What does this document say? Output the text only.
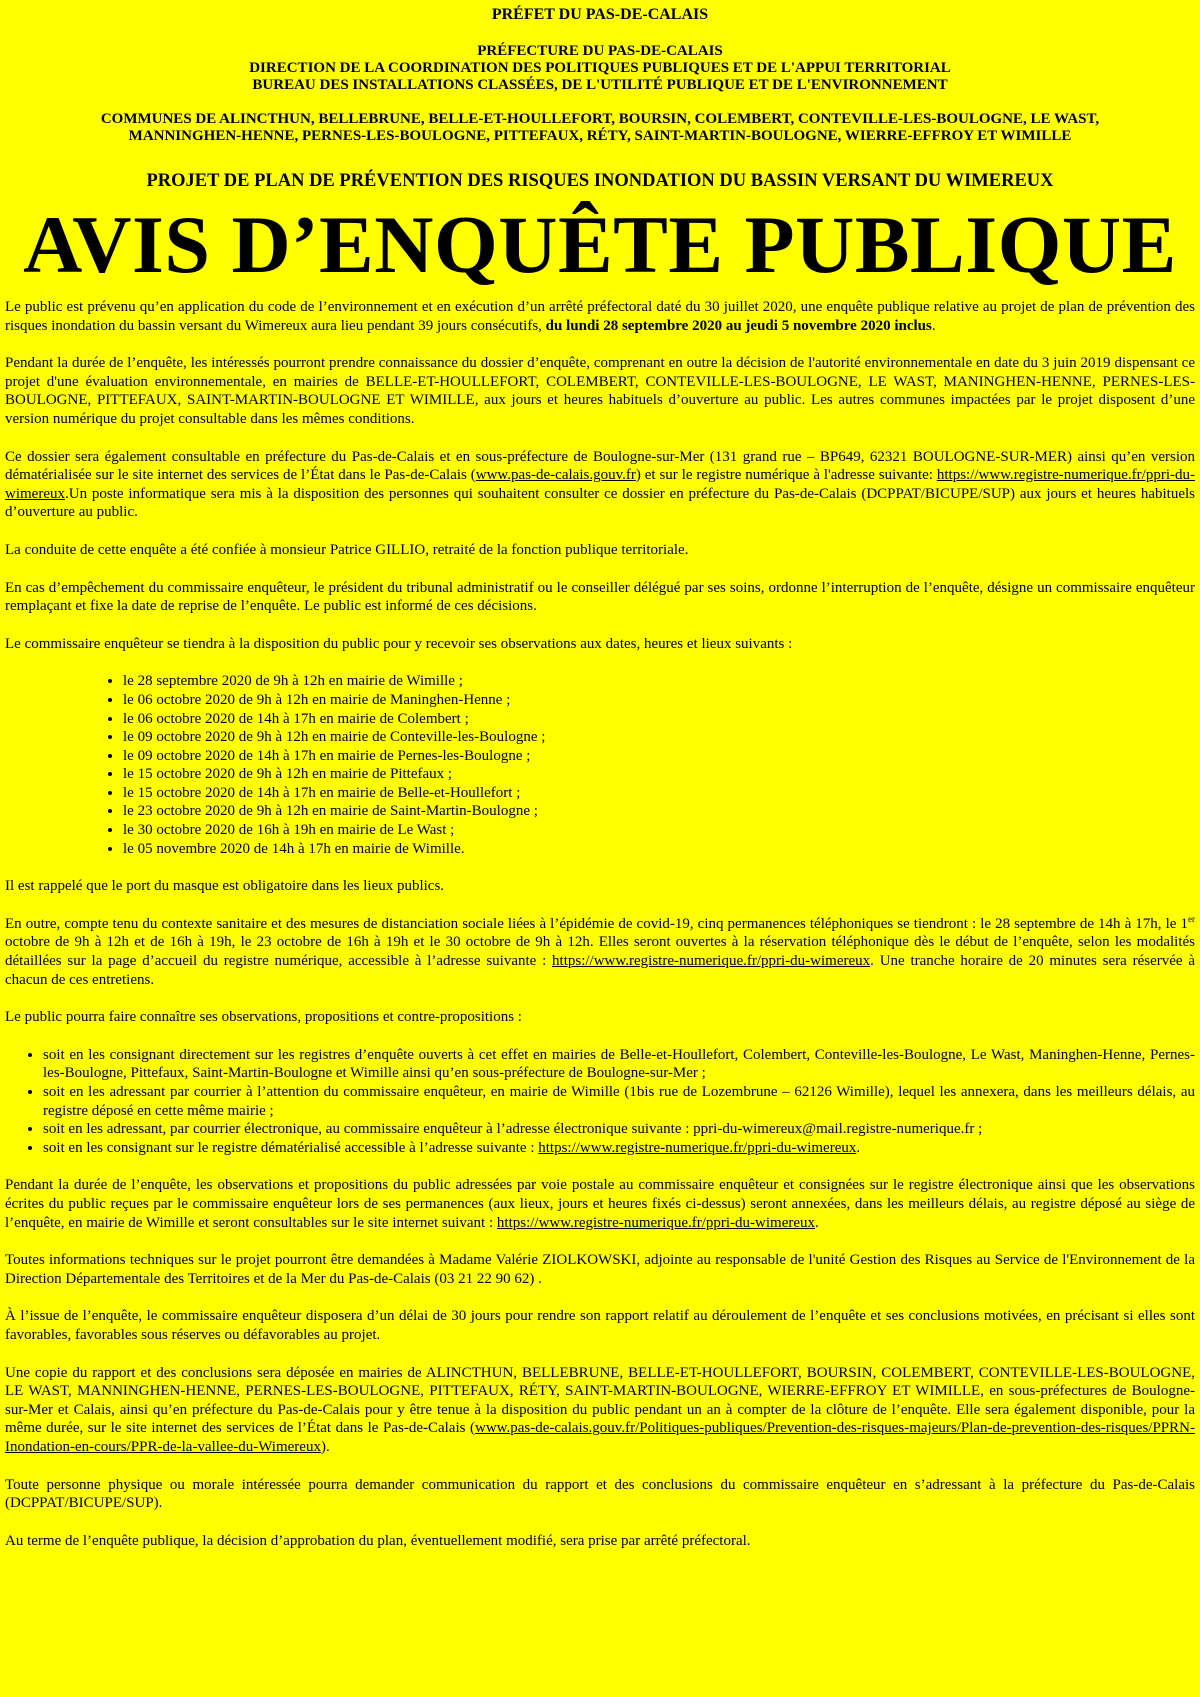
PRÉFET DU PAS-DE-CALAIS

PRÉFECTURE DU PAS-DE-CALAIS

DIRECTION DE LA COORDINATION DES POLITIQUES PUBLIQUES ET DE L'APPUI TERRITORIAL

BUREAU DES INSTALLATIONS CLASSÉES, DE L'UTILITÉ PUBLIQUE ET DE L'ENVIRONNEMENT

COMMUNES DE ALINCTHUN, BELLEBRUNE, BELLE-ET-HOULLEFORT, BOURSIN, COLEMBERT, CONTEVILLE-LES-BOULOGNE, LE WAST,

MANNINGHEN-HENNE, PERNES-LES-BOULOGNE, PITTEFAUX, RÉTY, SAINT-MARTIN-BOULOGNE, WIERRE-EFFROY ET WIMILLE

PROJET DE PLAN DE PRÉVENTION DES RISQUES INONDATION DU BASSIN VERSANT DU WIMEREUX

AVIS D’ENQUÊTE PUBLIQUE

Le public est prévenu qu’en application du code de l’environnement et en exécution d’un arrêté préfectoral daté du 30 juillet 2020, une enquête publique relative au projet de plan de prévention des risques inondation du bassin versant du Wimereux aura lieu pendant 39 jours consécutifs, du lundi 28 septembre 2020 au jeudi 5 novembre 2020 inclus.

Pendant la durée de l’enquête, les intéressés pourront prendre connaissance du dossier d’enquête, comprenant en outre la décision de l'autorité environnementale en date du 3 juin 2019 dispensant ce projet d'une évaluation environnementale, en mairies de BELLE-ET-HOULLEFORT, COLEMBERT, CONTEVILLE-LES-BOULOGNE, LE WAST, MANINGHEN-HENNE, PERNES-LES-BOULOGNE, PITTEFAUX, SAINT-MARTIN-BOULOGNE ET WIMILLE, aux jours et heures habituels d’ouverture au public. Les autres communes impactées par le projet disposent d’une version numérique du projet consultable dans les mêmes conditions.

Ce dossier sera également consultable en préfecture du Pas-de-Calais et en sous-préfecture de Boulogne-sur-Mer (131 grand rue – BP649, 62321 BOULOGNE-SUR-MER) ainsi qu’en version dématérialisée sur le site internet des services de l’État dans le Pas-de-Calais (www.pas-de-calais.gouv.fr) et sur le registre numérique à l'adresse suivante: https://www.registre-numerique.fr/ppri-du-wimereux.Un poste informatique sera mis à la disposition des personnes qui souhaitent consulter ce dossier en préfecture du Pas-de-Calais (DCPPAT/BICUPE/SUP) aux jours et heures habituels d’ouverture au public.

La conduite de cette enquête a été confiée à monsieur Patrice GILLIO, retraité de la fonction publique territoriale.

En cas d’empêchement du commissaire enquêteur, le président du tribunal administratif ou le conseiller délégué par ses soins, ordonne l’interruption de l’enquête, désigne un commissaire enquêteur remplaçant et fixe la date de reprise de l’enquête. Le public est informé de ces décisions.

Le commissaire enquêteur se tiendra à la disposition du public pour y recevoir ses observations aux dates, heures et lieux suivants :

• le 28 septembre 2020 de 9h à 12h en mairie de Wimille ;
• le 06 octobre 2020 de 9h à 12h en mairie de Maninghen-Henne ;
• le 06 octobre 2020 de 14h à 17h en mairie de Colembert ;
• le 09 octobre 2020 de 9h à 12h en mairie de Conteville-les-Boulogne ;
• le 09 octobre 2020 de 14h à 17h en mairie de Pernes-les-Boulogne ;
• le 15 octobre 2020 de 9h à 12h en mairie de Pittefaux ;
• le 15 octobre 2020 de 14h à 17h en mairie de Belle-et-Houllefort ;
• le 23 octobre 2020 de 9h à 12h en mairie de Saint-Martin-Boulogne ;
• le 30 octobre 2020 de 16h à 19h en mairie de Le Wast ;
• le 05 novembre 2020 de 14h à 17h en mairie de Wimille.

Il est rappelé que le port du masque est obligatoire dans les lieux publics.

En outre, compte tenu du contexte sanitaire et des mesures de distanciation sociale liées à l’épidémie de covid-19, cinq permanences téléphoniques se tiendront : le 28 septembre de 14h à 17h, le 1er octobre de 9h à 12h et de 16h à 19h, le 23 octobre de 16h à 19h et le 30 octobre de 9h à 12h. Elles seront ouvertes à la réservation téléphonique dès le début de l’enquête, selon les modalités détaillées sur la page d’accueil du registre numérique, accessible à l’adresse suivante : https://www.registre-numerique.fr/ppri-du-wimereux. Une tranche horaire de 20 minutes sera réservée à chacun de ces entretiens.

Le public pourra faire connaître ses observations, propositions et contre-propositions :

• soit en les consignant directement sur les registres d’enquête ouverts à cet effet en mairies de Belle-et-Houllefort, Colembert, Conteville-les-Boulogne, Le Wast, Maninghen-Henne, Pernes-les-Boulogne, Pittefaux, Saint-Martin-Boulogne et Wimille ainsi qu’en sous-préfecture de Boulogne-sur-Mer ;
• soit en les adressant par courrier à l’attention du commissaire enquêteur, en mairie de Wimille (1bis rue de Lozembrune – 62126 Wimille), lequel les annexera, dans les meilleurs délais, au registre déposé en cette même mairie ;
• soit en les adressant, par courrier électronique, au commissaire enquêteur à l’adresse électronique suivante : ppri-du-wimereux@mail.registre-numerique.fr ;
• soit en les consignant sur le registre dématérialisé accessible à l’adresse suivante : https://www.registre-numerique.fr/ppri-du-wimereux.

Pendant la durée de l’enquête, les observations et propositions du public adressées par voie postale au commissaire enquêteur et consignées sur le registre électronique ainsi que les observations écrites du public reçues par le commissaire enquêteur lors de ses permanences (aux lieux, jours et heures fixés ci-dessus) seront annexées, dans les meilleurs délais, au registre déposé au siège de l’enquête, en mairie de Wimille et seront consultables sur le site internet suivant : https://www.registre-numerique.fr/ppri-du-wimereux.

Toutes informations techniques sur le projet pourront être demandées à Madame Valérie ZIOLKOWSKI, adjointe au responsable de l'unité Gestion des Risques au Service de l'Environnement de la Direction Départementale des Territoires et de la Mer du Pas-de-Calais (03 21 22 90 62) .

À l’issue de l’enquête, le commissaire enquêteur disposera d’un délai de 30 jours pour rendre son rapport relatif au déroulement de l’enquête et ses conclusions motivées, en précisant si elles sont favorables, favorables sous réserves ou défavorables au projet.

Une copie du rapport et des conclusions sera déposée en mairies de ALINCTHUN, BELLEBRUNE, BELLE-ET-HOULLEFORT, BOURSIN, COLEMBERT, CONTEVILLE-LES-BOULOGNE, LE WAST, MANNINGHEN-HENNE, PERNES-LES-BOULOGNE, PITTEFAUX, RÉTY, SAINT-MARTIN-BOULOGNE, WIERRE-EFFROY ET WIMILLE, en sous-préfectures de Boulogne-sur-Mer et Calais, ainsi qu’en préfecture du Pas-de-Calais pour y être tenue à la disposition du public pendant un an à compter de la clôture de l’enquête. Elle sera également disponible, pour la même durée, sur le site internet des services de l’État dans le Pas-de-Calais (www.pas-de-calais.gouv.fr/Politiques-publiques/Prevention-des-risques-majeurs/Plan-de-prevention-des-risques/PPRN-Inondation-en-cours/PPR-de-la-vallee-du-Wimereux).

Toute personne physique ou morale intéressée pourra demander communication du rapport et des conclusions du commissaire enquêteur en s’adressant à la préfecture du Pas-de-Calais (DCPPAT/BICUPE/SUP).

Au terme de l’enquête publique, la décision d’approbation du plan, éventuellement modifié, sera prise par arrêté préfectoral.
